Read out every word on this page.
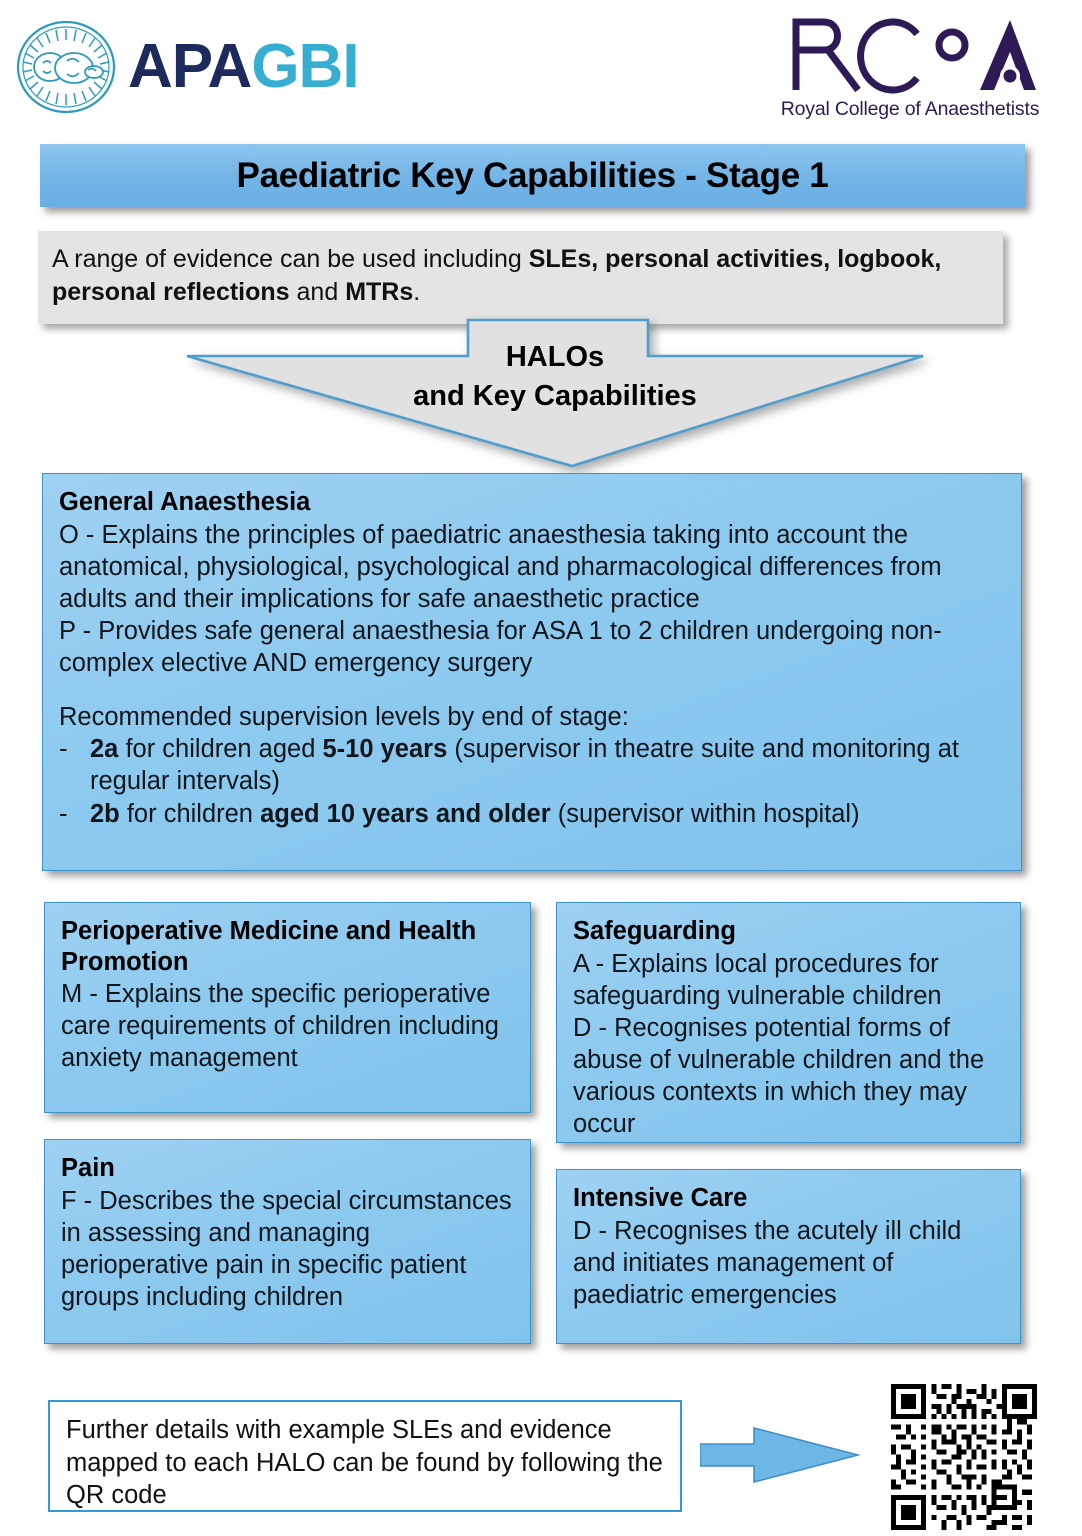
APAGBI
Royal College of Anaesthetists
Paediatric Key Capabilities - Stage 1
A range of evidence can be used including SLEs, personal activities, logbook, personal reflections and MTRs.
HALOs
and Key Capabilities
General Anaesthesia

O - Explains the principles of paediatric anaesthesia taking into account the anatomical, physiological, psychological and pharmacological differences from adults and their implications for safe anaesthetic practice

P - Provides safe general anaesthesia for ASA 1 to 2 children undergoing non-complex elective AND emergency surgery

Recommended supervision levels by end of stage:

- 2a for children aged 5-10 years (supervisor in theatre suite and monitoring at regular intervals)
- 2b for children aged 10 years and older (supervisor within hospital)
Perioperative Medicine and Health Promotion
M - Explains the specific perioperative care requirements of children including anxiety management
Safeguarding

A - Explains local procedures for safeguarding vulnerable children

D - Recognises potential forms of abuse of vulnerable children and the various contexts in which they may occur

Pain
F - Describes the special circumstances in assessing and managing perioperative pain in specific patient groups including children
Intensive Care
D - Recognises the acutely ill child and initiates management of paediatric emergencies
Further details with example SLEs and evidence mapped to each HALO can be found by following the QR code
